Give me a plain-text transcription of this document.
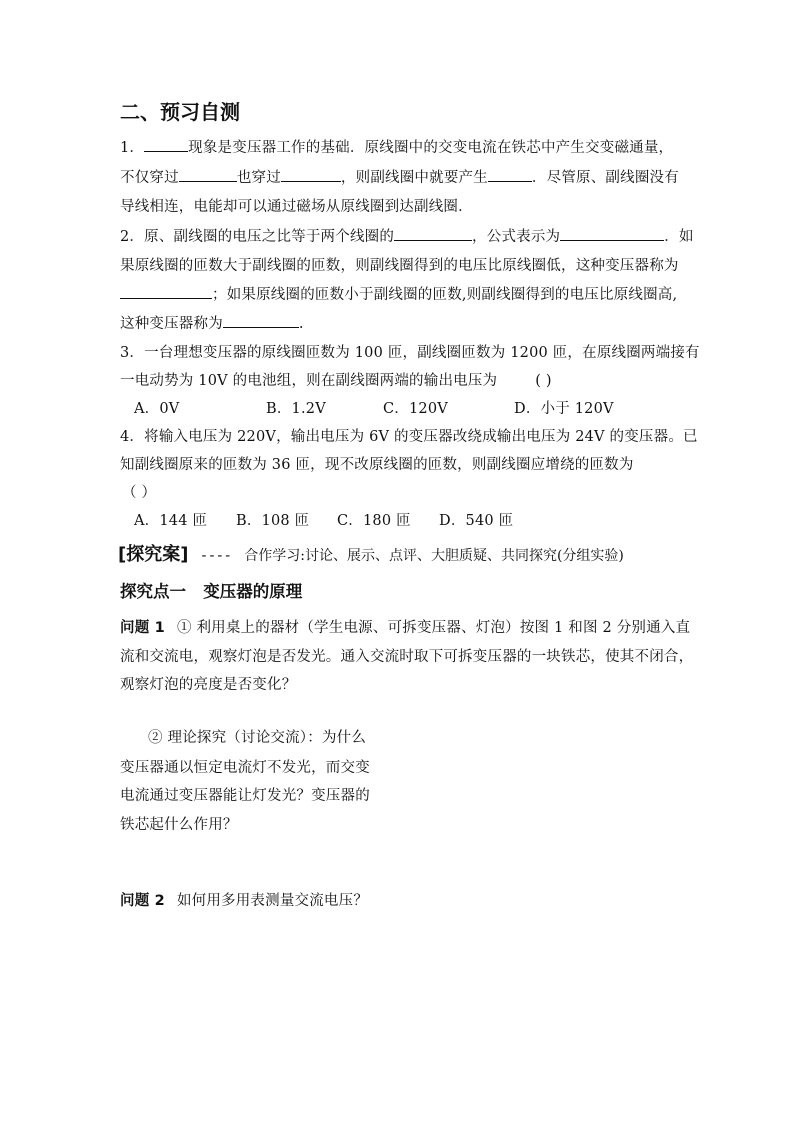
二、预习自测
1．	现象是变压器工作的基础．原线圈中的交变电流在铁芯中产生交变磁通量，
不仅穿过	也穿过	，则副线圈中就要产生	．尽管原、副线圈没有
导线相连，电能却可以通过磁场从原线圈到达副线圈．
2．原、副线圈的电压之比等于两个线圈的	，公式表示为	．如
果原线圈的匝数大于副线圈的匝数，则副线圈得到的电压比原线圈低，这种变压器称为
；如果原线圈的匝数小于副线圈的匝数,则副线圈得到的电压比原线圈高,
这种变压器称为	.
3．一台理想变压器的原线圈匝数为 100 匝，副线圈匝数为 1200 匝，在原线圈两端接有
一电动势为 10V 的电池组，则在副线圈两端的输出电压为	( )
A．0V	B．1.2V	C．120V	D．小于 120V
4．将输入电压为 220V，输出电压为 6V 的变压器改绕成输出电压为 24V 的变压器。已
知副线圈原来的匝数为 36 匝，现不改原线圈的匝数，则副线圈应增绕的匝数为
（ ）
A．144 匝 B．108 匝 C．180 匝 D．540 匝
[探究案] ---- 合作学习:讨论、展示、点评、大胆质疑、共同探究(分组实验)
探究点一   变压器的原理
问题 1 ① 利用桌上的器材（学生电源、可拆变压器、灯泡）按图 1 和图 2 分别通入直
流和交流电，观察灯泡是否发光。通入交流时取下可拆变压器的一块铁芯，使其不闭合，
观察灯泡的亮度是否变化？
② 理论探究（讨论交流）：为什么
变压器通以恒定电流灯不发光，而交变
电流通过变压器能让灯发光？变压器的
铁芯起什么作用？
问题 2 如何用多用表测量交流电压？
